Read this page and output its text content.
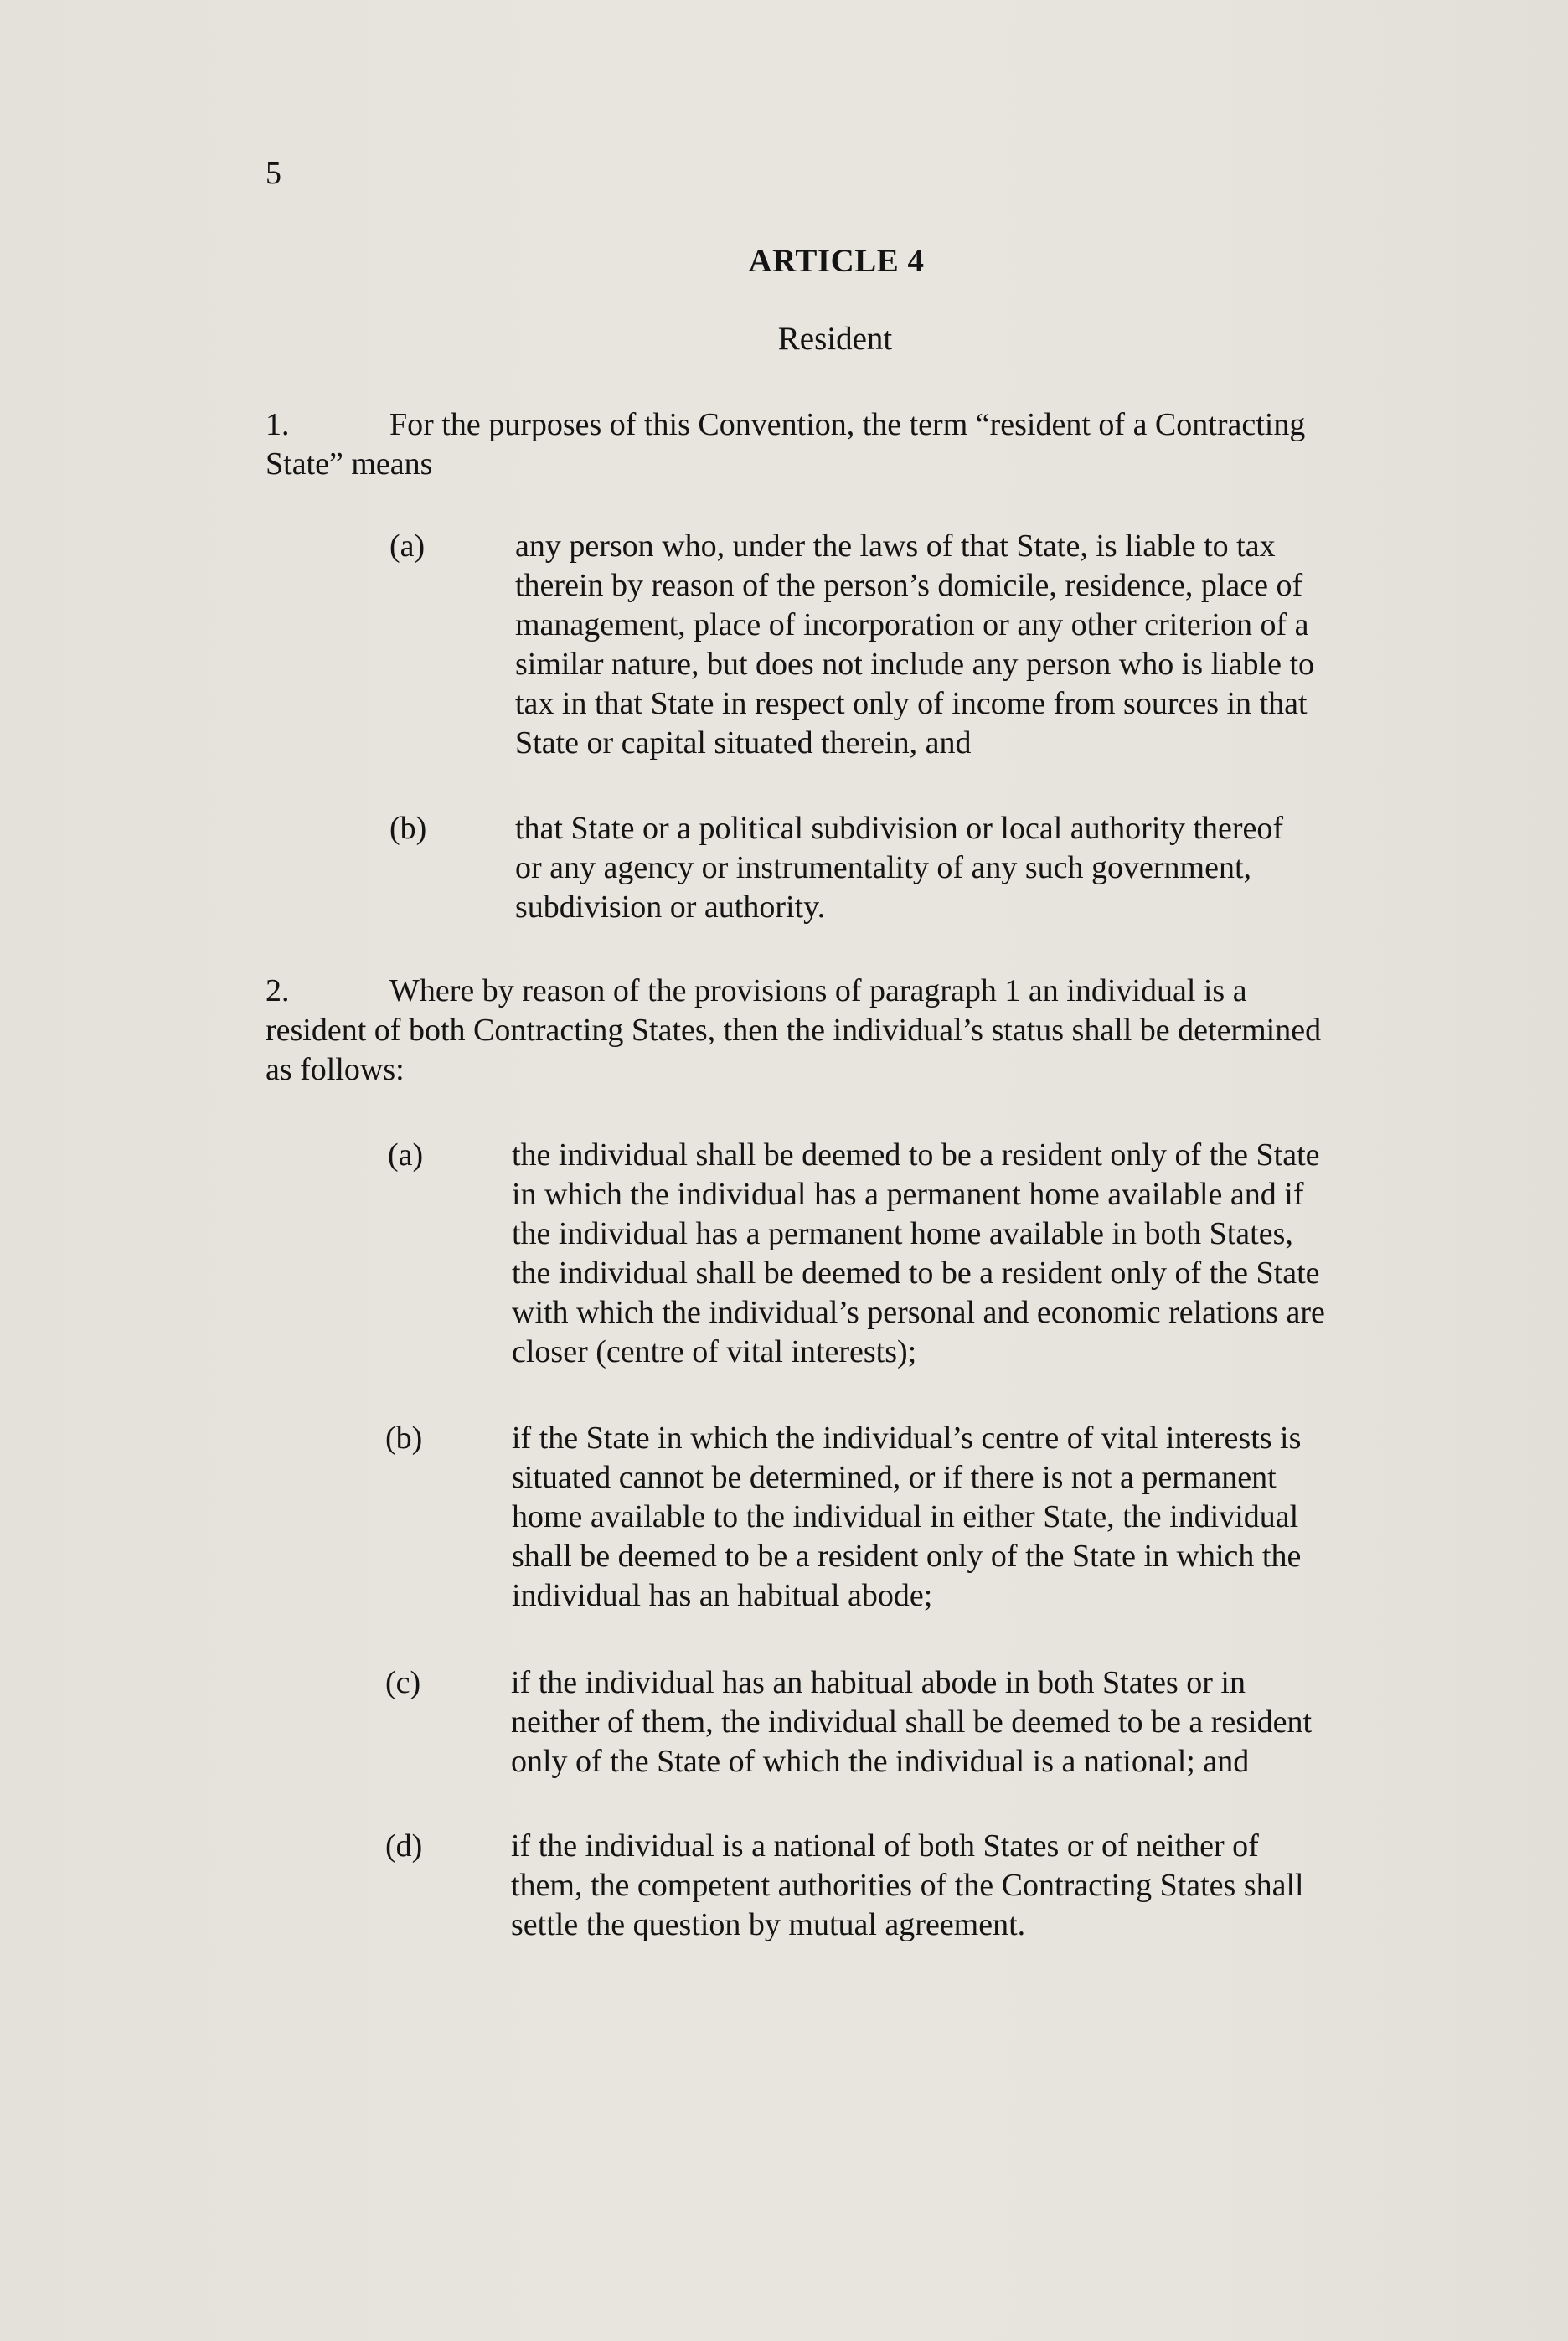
5
ARTICLE 4
Resident
1.	For the purposes of this Convention, the term “resident of a Contracting
State” means
(a)	any person who, under the laws of that State, is liable to tax
therein by reason of the person’s domicile, residence, place of
management, place of incorporation or any other criterion of a
similar nature, but does not include any person who is liable to
tax in that State in respect only of income from sources in that
State or capital situated therein, and
(b)	that State or a political subdivision or local authority thereof
or any agency or instrumentality of any such government,
subdivision or authority.
2.	Where by reason of the provisions of paragraph 1 an individual is a
resident of both Contracting States, then the individual’s status shall be determined
as follows:
(a)	the individual shall be deemed to be a resident only of the State
in which the individual has a permanent home available and if
the individual has a permanent home available in both States,
the individual shall be deemed to be a resident only of the State
with which the individual’s personal and economic relations are
closer (centre of vital interests);
(b)	if the State in which the individual’s centre of vital interests is
situated cannot be determined, or if there is not a permanent
home available to the individual in either State, the individual
shall be deemed to be a resident only of the State in which the
individual has an habitual abode;
(c)	if the individual has an habitual abode in both States or in
neither of them, the individual shall be deemed to be a resident
only of the State of which the individual is a national; and
(d)	if the individual is a national of both States or of neither of
them, the competent authorities of the Contracting States shall
settle the question by mutual agreement.
